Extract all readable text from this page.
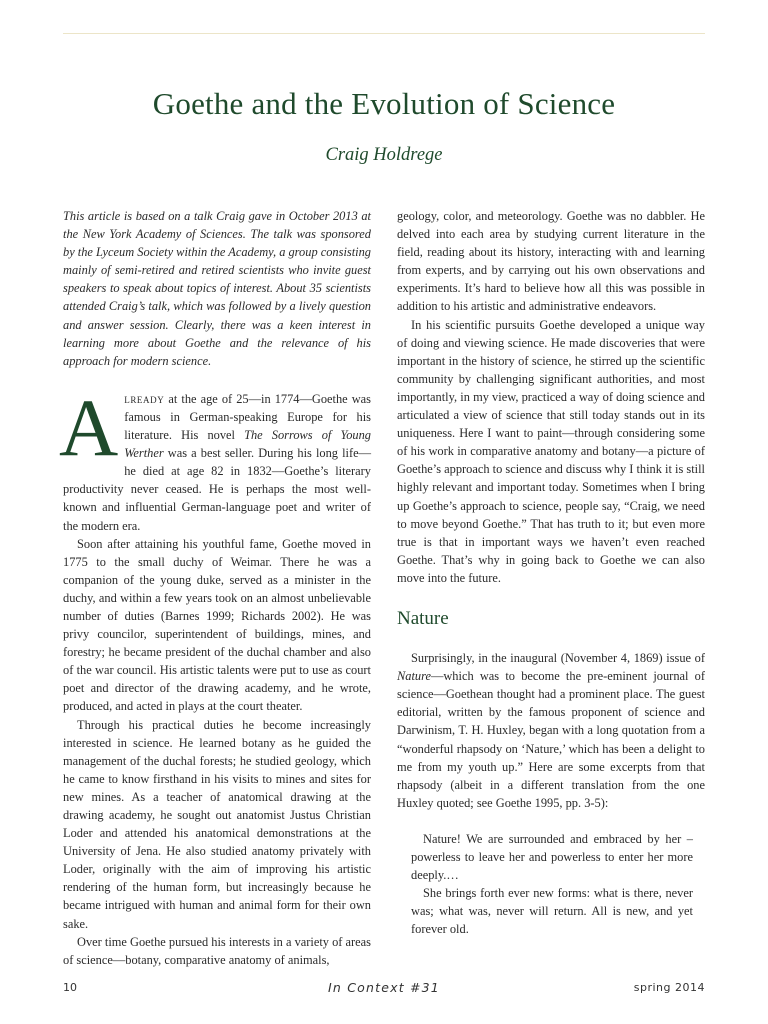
Goethe and the Evolution of Science

Craig Holdrege

This article is based on a talk Craig gave in October 2013 at the New York Academy of Sciences. The talk was sponsored by the Lyceum Society within the Academy, a group consisting mainly of semi-retired and retired scientists who invite guest speakers to speak about topics of interest. About 35 scientists attended Craig’s talk, which was followed by a lively question and answer session. Clearly, there was a keen interest in learning more about Goethe and the relevance of his approach for modern science.

Already at the age of 25—in 1774—Goethe was famous in German-speaking Europe for his literature. His novel The Sorrows of Young Werther was a best seller. During his long life—he died at age 82 in 1832—Goethe’s literary productivity never ceased. He is perhaps the most well-known and influential German-language poet and writer of the modern era.

Soon after attaining his youthful fame, Goethe moved in 1775 to the small duchy of Weimar. There he was a companion of the young duke, served as a minister in the duchy, and within a few years took on an almost unbelievable number of duties (Barnes 1999; Richards 2002). He was privy councilor, superintendent of buildings, mines, and forestry; he became president of the duchal chamber and also of the war council. His artistic talents were put to use as court poet and director of the drawing academy, and he wrote, produced, and acted in plays at the court theater.

Through his practical duties he become increasingly interested in science. He learned botany as he guided the management of the duchal forests; he studied geology, which he came to know firsthand in his visits to mines and sites for new mines. As a teacher of anatomical drawing at the drawing academy, he sought out anatomist Justus Christian Loder and attended his anatomical demonstrations at the University of Jena. He also studied anatomy privately with Loder, originally with the aim of improving his artistic rendering of the human form, but increasingly because he became intrigued with human and animal form for their own sake.

Over time Goethe pursued his interests in a variety of areas of science—botany, comparative anatomy of animals,

geology, color, and meteorology. Goethe was no dabbler. He delved into each area by studying current literature in the field, reading about its history, interacting with and learning from experts, and by carrying out his own observations and experiments. It’s hard to believe how all this was possible in addition to his artistic and administrative endeavors.

In his scientific pursuits Goethe developed a unique way of doing and viewing science. He made discoveries that were important in the history of science, he stirred up the scientific community by challenging significant authorities, and most importantly, in my view, practiced a way of doing science and articulated a view of science that still today stands out in its uniqueness. Here I want to paint—through considering some of his work in comparative anatomy and botany—a picture of Goethe’s approach to science and discuss why I think it is still highly relevant and important today. Sometimes when I bring up Goethe’s approach to science, people say, “Craig, we need to move beyond Goethe.” That has truth to it; but even more true is that in important ways we haven’t even reached Goethe. That’s why in going back to Goethe we can also move into the future.

Nature

Surprisingly, in the inaugural (November 4, 1869) issue of Nature—which was to become the pre-eminent journal of science—Goethean thought had a prominent place. The guest editorial, written by the famous proponent of science and Darwinism, T. H. Huxley, began with a long quotation from a “wonderful rhapsody on ‘Nature,’ which has been a delight to me from my youth up.” Here are some excerpts from that rhapsody (albeit in a different translation from the one Huxley quoted; see Goethe 1995, pp. 3-5):

Nature! We are surrounded and embraced by her – powerless to leave her and powerless to enter her more deeply.…

She brings forth ever new forms: what is there, never was; what was, never will return. All is new, and yet forever old.

10	In Context #31	spring 2014
